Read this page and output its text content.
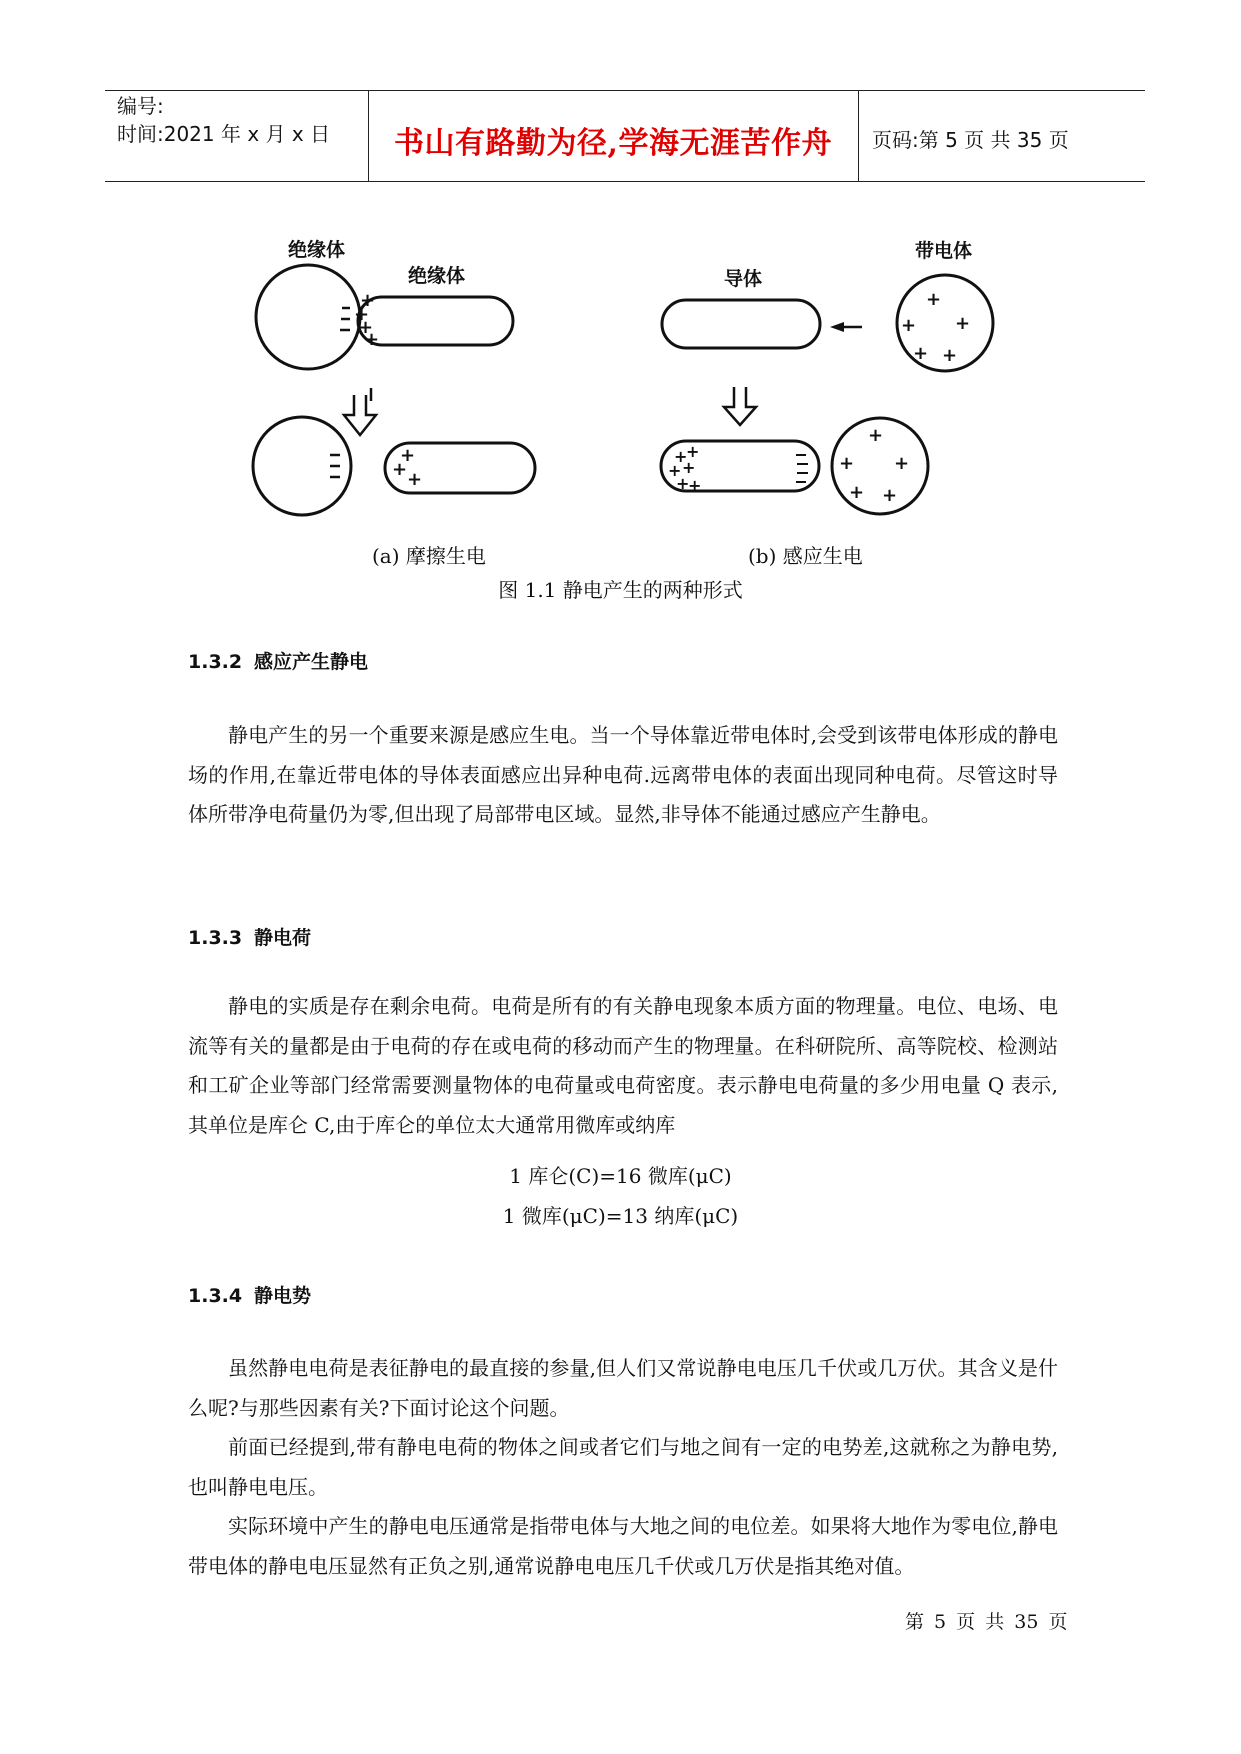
编号:
时间:2021 年 x 月 x 日	书山有路勤为径,学海无涯苦作舟	页码:第 5 页 共 35 页
+
+
+
+
+
+ +
+
+ +
+ +
+
+
+ +
+
+
+
+ +
+ +
绝缘体
绝缘体	导体
带电体
(a) 摩擦生电	(b) 感应生电
图 1.1 静电产生的两种形式
1.3.2 感应产生静电

静电产生的另一个重要来源是感应生电。当一个导体靠近带电体时,会受到该带电体形成的静电场的作用,在靠近带电体的导体表面感应出异种电荷.远离带电体的表面出现同种电荷。尽管这时导体所带净电荷量仍为零,但出现了局部带电区域。显然,非导体不能通过感应产生静电。

1.3.3 静电荷

静电的实质是存在剩余电荷。电荷是所有的有关静电现象本质方面的物理量。电位、电场、电流等有关的量都是由于电荷的存在或电荷的移动而产生的物理量。在科研院所、高等院校、检测站和工矿企业等部门经常需要测量物体的电荷量或电荷密度。表示静电电荷量的多少用电量 Q 表示,其单位是库仑 C,由于库仑的单位太大通常用微库或纳库

1 库仑(C)=16 微库(μC)
1 微库(μC)=13 纳库(μC)
1.3.4 静电势

虽然静电电荷是表征静电的最直接的参量,但人们又常说静电电压几千伏或几万伏。其含义是什么呢?与那些因素有关?下面讨论这个问题。

前面已经提到,带有静电电荷的物体之间或者它们与地之间有一定的电势差,这就称之为静电势,也叫静电电压。

实际环境中产生的静电电压通常是指带电体与大地之间的电位差。如果将大地作为零电位,静电带电体的静电电压显然有正负之别,通常说静电电压几千伏或几万伏是指其绝对值。

第 5 页 共 35 页
